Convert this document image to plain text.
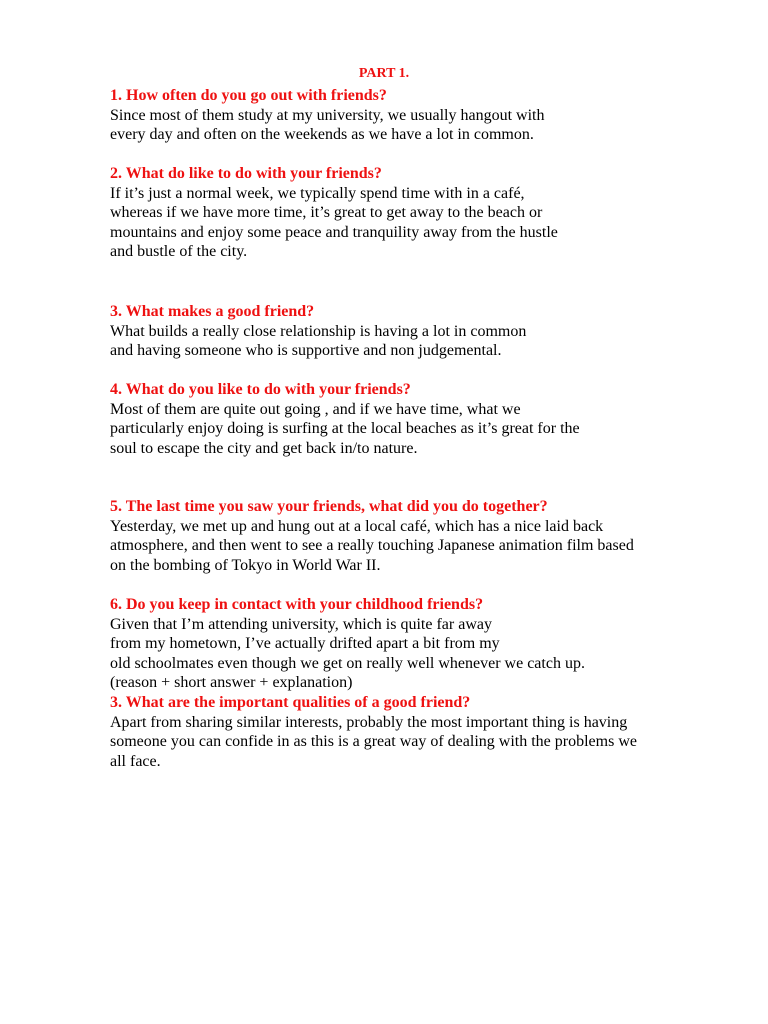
PART 1.
1. How often do you go out with friends?
Since most of them study at my university, we usually hangout with
every day and often on the weekends as we have a lot in common.
2. What do like to do with your friends?
If it’s just a normal week, we typically spend time with in a café,
whereas if we have more time, it’s great to get away to the beach or
mountains and enjoy some peace and tranquility away from the hustle
and bustle of the city.
3. What makes a good friend?
What builds a really close relationship is having a lot in common
and having someone who is supportive and non judgemental.
4. What do you like to do with your friends?
Most of them are quite out going , and if we have time, what we
particularly enjoy doing is surfing at the local beaches as it’s great for the
soul to escape the city and get back in/to nature.
5. The last time you saw your friends, what did you do together?
Yesterday, we met up and hung out at a local café, which has a nice laid back
atmosphere, and then went to see a really touching Japanese animation film based
on the bombing of Tokyo in World War II.
6. Do you keep in contact with your childhood friends?
Given that I’m attending university, which is quite far away
from my hometown, I’ve actually drifted apart a bit from my
old schoolmates even though we get on really well whenever we catch up.
(reason + short answer + explanation)
3. What are the important qualities of a good friend?
Apart from sharing similar interests, probably the most important thing is having
someone you can confide in as this is a great way of dealing with the problems we
all face.
